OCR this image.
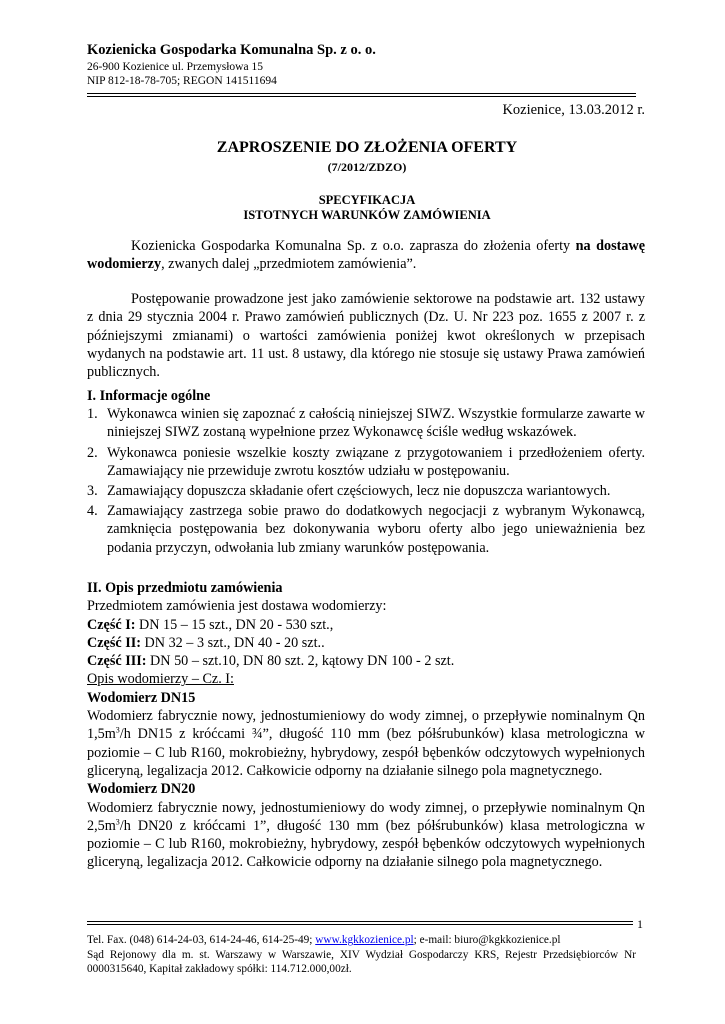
Kozienicka Gospodarka Komunalna Sp. z o. o.
26-900 Kozienice ul. Przemysłowa 15
NIP 812-18-78-705; REGON 141511694
Kozienice, 13.03.2012 r.
ZAPROSZENIE DO ZŁOŻENIA OFERTY
(7/2012/ZDZO)
SPECYFIKACJA
ISTOTNYCH WARUNKÓW ZAMÓWIENIA
Kozienicka Gospodarka Komunalna Sp. z o.o. zaprasza do złożenia oferty na dostawę wodomierzy, zwanych dalej „przedmiotem zamówienia”.
Postępowanie prowadzone jest jako zamówienie sektorowe na podstawie art. 132 ustawy z dnia 29 stycznia 2004 r. Prawo zamówień publicznych (Dz. U. Nr 223 poz. 1655 z 2007 r. z późniejszymi zmianami) o wartości zamówienia poniżej kwot określonych w przepisach wydanych na podstawie art. 11 ust. 8 ustawy, dla którego nie stosuje się ustawy Prawa zamówień publicznych.
I. Informacje ogólne
1. Wykonawca winien się zapoznać z całością niniejszej SIWZ. Wszystkie formularze zawarte w niniejszej SIWZ zostaną wypełnione przez Wykonawcę ściśle według wskazówek.
2. Wykonawca poniesie wszelkie koszty związane z przygotowaniem i przedłożeniem oferty. Zamawiający nie przewiduje zwrotu kosztów udziału w postępowaniu.
3. Zamawiający dopuszcza składanie ofert częściowych, lecz nie dopuszcza wariantowych.
4. Zamawiający zastrzega sobie prawo do dodatkowych negocjacji z wybranym Wykonawcą, zamknięcia postępowania bez dokonywania wyboru oferty albo jego unieważnienia bez podania przyczyn, odwołania lub zmiany warunków postępowania.
II. Opis przedmiotu zamówienia
Przedmiotem zamówienia jest dostawa wodomierzy:
Część I: DN 15 – 15 szt., DN 20 - 530 szt.,
Część II: DN 32 – 3 szt., DN 40 - 20 szt..
Część III: DN 50 – szt.10, DN 80 szt. 2, kątowy DN 100 - 2 szt.
Opis wodomierzy – Cz. I:
Wodomierz DN15
Wodomierz fabrycznie nowy, jednostumieniowy do wody zimnej, o przepływie nominalnym Qn $1,5m^3/h$ DN15 z króćcami ¾”, długość 110 mm (bez półśrubunków) klasa metrologiczna w poziomie – C lub R160, mokrobieżny, hybrydowy, zespół bębenków odczytowych wypełnionych gliceryną, legalizacja 2012. Całkowicie odporny na działanie silnego pola magnetycznego.
Wodomierz DN20
Wodomierz fabrycznie nowy, jednostumieniowy do wody zimnej, o przepływie nominalnym Qn $2,5m^3/h$ DN20 z króćcami 1”, długość 130 mm (bez półśrubunków) klasa metrologiczna w poziomie – C lub R160, mokrobieżny, hybrydowy, zespół bębenków odczytowych wypełnionych gliceryną, legalizacja 2012. Całkowicie odporny na działanie silnego pola magnetycznego.
1
Tel. Fax. (048) 614-24-03, 614-24-46, 614-25-49; www.kgkkozienice.pl; e-mail: biuro@kgkkozienice.pl
Sąd Rejonowy dla m. st. Warszawy w Warszawie, XIV Wydział Gospodarczy KRS, Rejestr Przedsiębiorców Nr 0000315640, Kapitał zakładowy spółki: 114.712.000,00zł.
